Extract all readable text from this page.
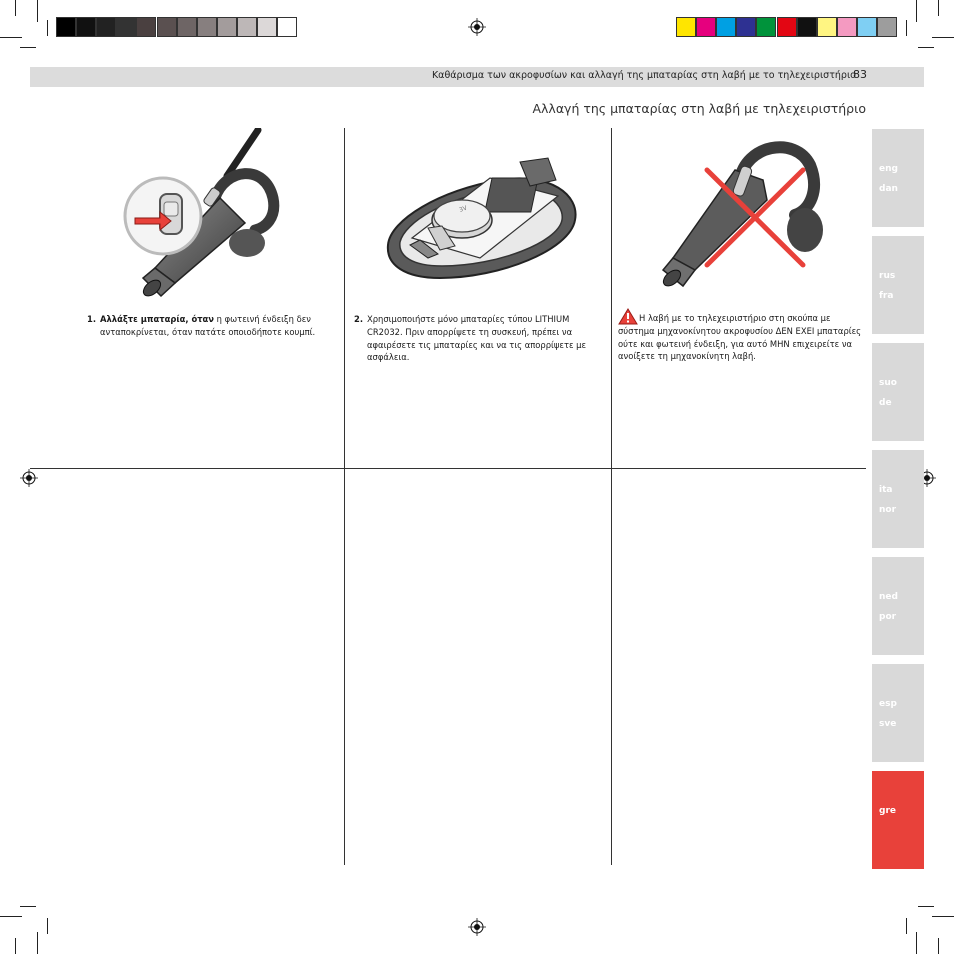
Καθάρισμα των ακροφυσίων και αλλαγή της μπαταρίας στη λαβή με το τηλεχειριστήριο
83
Αλλαγή της μπαταρίας στη λαβή με τηλεχειριστήριο
3V
1. Αλλάξτε μπαταρία, όταν η φωτεινή ένδειξη δεν ανταποκρίνεται, όταν πατάτε οποιοδήποτε κουμπί.
2. Χρησιμοποιήστε μόνο μπαταρίες τύπου LITHIUM CR2032. Πριν απορρίψετε τη συσκευή, πρέπει να αφαιρέσετε τις μπαταρίες και να τις απορρίψετε με ασφάλεια.
Η λαβή με το τηλεχειριστήριο στη σκούπα με σύστημα μηχανοκίνητου ακροφυσίου ΔΕΝ ΕΧΕΙ μπαταρίες ούτε και φωτεινή ένδειξη, για αυτό ΜΗΝ επιχειρείτε να ανοίξετε τη μηχανοκίνητη λαβή.
eng
dan
rus
fra
suo
de
ita
nor
ned
por
esp
sve
gre
